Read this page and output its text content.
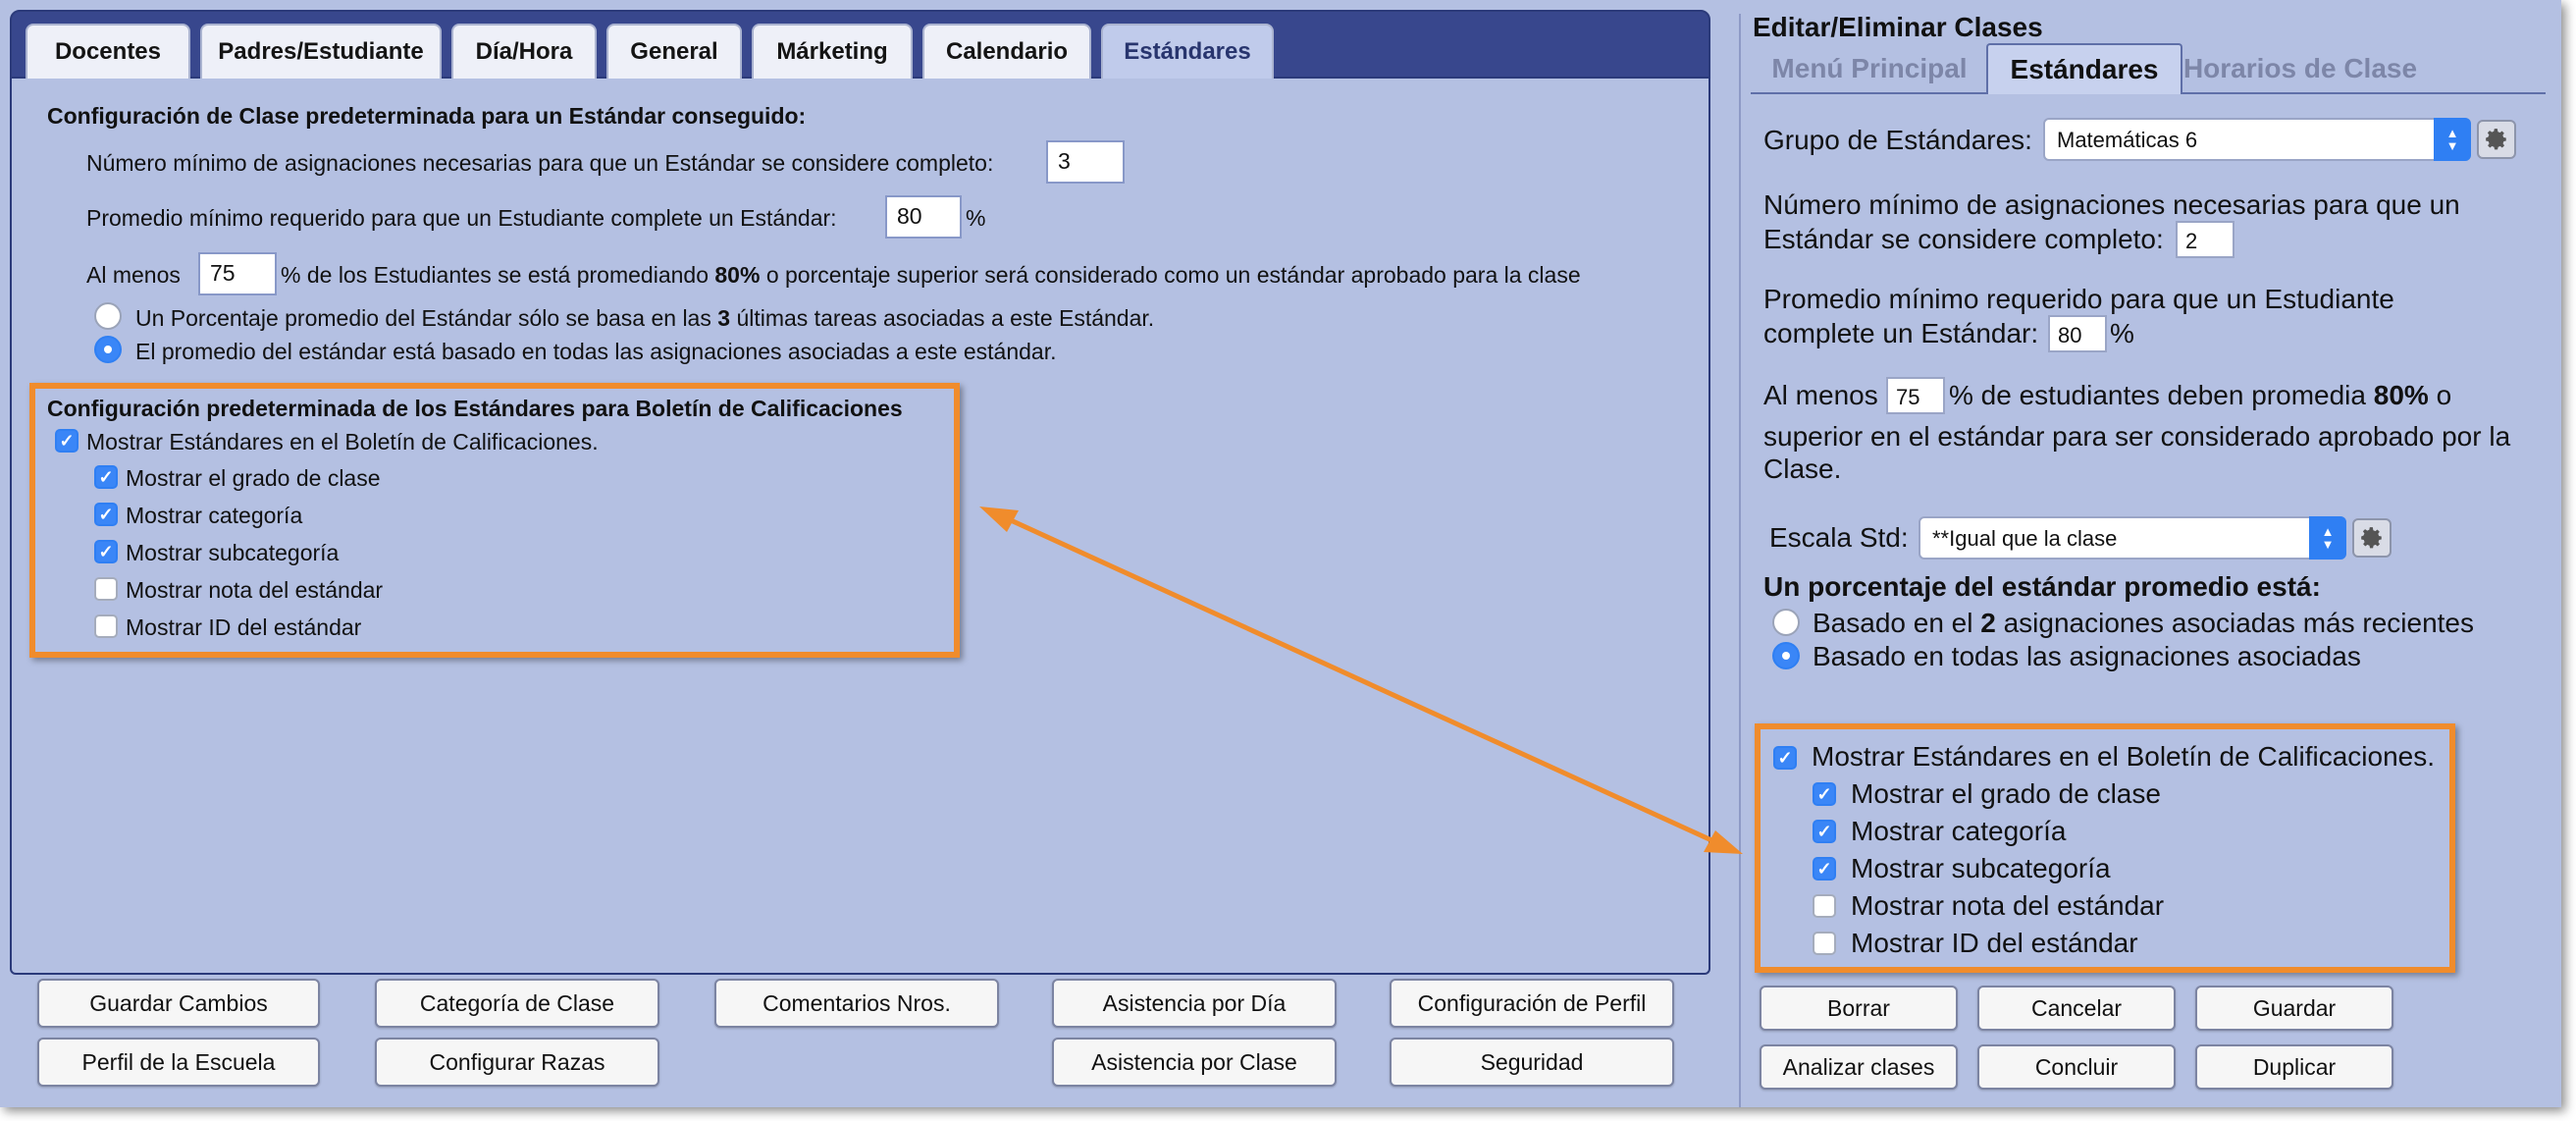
Docentes	Padres/Estudiante	Día/Hora	General	Márketing	Calendario	Estándares
Configuración de Clase predeterminada para un Estándar conseguido:
Número mínimo de asignaciones necesarias para que un Estándar se considere completo:	3
Promedio mínimo requerido para que un Estudiante complete un Estándar:	80	%
Al menos	75	% de los Estudiantes se está promediando 80% o porcentaje superior será considerado como un estándar aprobado para la clase
Un Porcentaje promedio del Estándar sólo se basa en las 3 últimas tareas asociadas a este Estándar.
El promedio del estándar está basado en todas las asignaciones asociadas a este estándar.
Configuración predeterminada de los Estándares para Boletín de Calificaciones
✓ Mostrar Estándares en el Boletín de Calificaciones.
✓ Mostrar el grado de clase
✓ Mostrar categoría
✓ Mostrar subcategoría
Mostrar nota del estándar
Mostrar ID del estándar
Guardar Cambios	Categoría de Clase	Comentarios Nros.	Asistencia por Día	Configuración de Perfil
Perfil de la Escuela	Configurar Razas	Asistencia por Clase	Seguridad
Editar/Eliminar Clases
Menú Principal	Estándares Horarios de Clase
Grupo de Estándares:	Matemáticas 6	▲
▼
Número mínimo de asignaciones necesarias para que un
Estándar se considere completo:	2
Promedio mínimo requerido para que un Estudiante
complete un Estándar: 80	%
Al menos 75	% de estudiantes deben promedia 80% o
superior en el estándar para ser considerado aprobado por la
Clase.
Escala Std:	**Igual que la clase	▲
▼
Un porcentaje del estándar promedio está:
Basado en el 2 asignaciones asociadas más recientes
Basado en todas las asignaciones asociadas
✓ Mostrar Estándares en el Boletín de Calificaciones.
✓ Mostrar el grado de clase
✓ Mostrar categoría
✓ Mostrar subcategoría
Mostrar nota del estándar
Mostrar ID del estándar
Borrar	Cancelar	Guardar
Analizar clases	Concluir	Duplicar
